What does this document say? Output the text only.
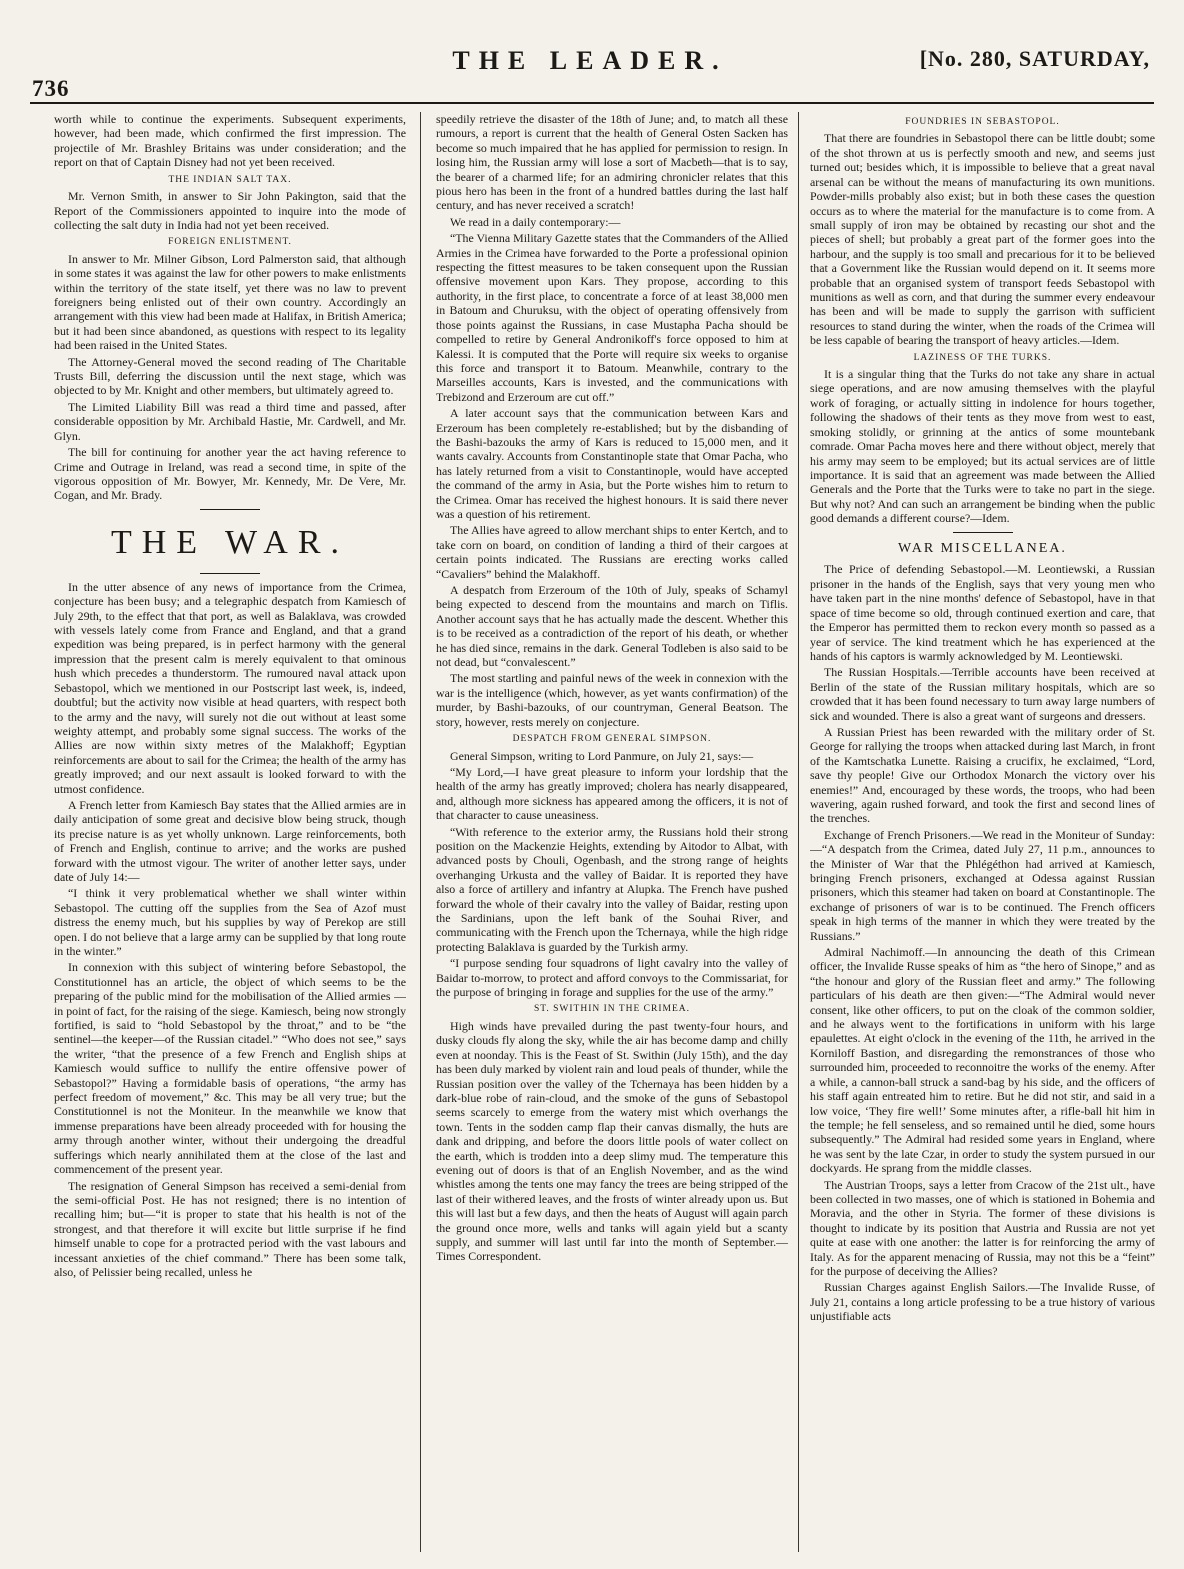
736
THE LEADER.	[No. 280, SATURDAY,

worth while to continue the experiments. Subsequent experiments, however, had been made, which confirmed the first impression. The projectile of Mr. Brashley Britains was under consideration; and the report on that of Captain Disney had not yet been received.

THE INDIAN SALT TAX.

Mr. Vernon Smith, in answer to Sir John Pakington, said that the Report of the Commissioners appointed to inquire into the mode of collecting the salt duty in India had not yet been received.

FOREIGN ENLISTMENT.

In answer to Mr. Milner Gibson, Lord Palmerston said, that although in some states it was against the law for other powers to make enlistments within the territory of the state itself, yet there was no law to prevent foreigners being enlisted out of their own country. Accordingly an arrangement with this view had been made at Halifax, in British America; but it had been since abandoned, as questions with respect to its legality had been raised in the United States.

The Attorney-General moved the second reading of The Charitable Trusts Bill, deferring the discussion until the next stage, which was objected to by Mr. Knight and other members, but ultimately agreed to.

The Limited Liability Bill was read a third time and passed, after considerable opposition by Mr. Archibald Hastie, Mr. Cardwell, and Mr. Glyn.

The bill for continuing for another year the act having reference to Crime and Outrage in Ireland, was read a second time, in spite of the vigorous opposition of Mr. Bowyer, Mr. Kennedy, Mr. De Vere, Mr. Cogan, and Mr. Brady.

THE WAR.

In the utter absence of any news of importance from the Crimea, conjecture has been busy; and a telegraphic despatch from Kamiesch of July 29th, to the effect that that port, as well as Balaklava, was crowded with vessels lately come from France and England, and that a grand expedition was being prepared, is in perfect harmony with the general impression that the present calm is merely equivalent to that ominous hush which precedes a thunderstorm. The rumoured naval attack upon Sebastopol, which we mentioned in our Postscript last week, is, indeed, doubtful; but the activity now visible at head quarters, with respect both to the army and the navy, will surely not die out without at least some weighty attempt, and probably some signal success. The works of the Allies are now within sixty metres of the Malakhoff; Egyptian reinforcements are about to sail for the Crimea; the health of the army has greatly improved; and our next assault is looked forward to with the utmost confidence.

A French letter from Kamiesch Bay states that the Allied armies are in daily anticipation of some great and decisive blow being struck, though its precise nature is as yet wholly unknown. Large reinforcements, both of French and English, continue to arrive; and the works are pushed forward with the utmost vigour. The writer of another letter says, under date of July 14:—

“I think it very problematical whether we shall winter within Sebastopol. The cutting off the supplies from the Sea of Azof must distress the enemy much, but his supplies by way of Perekop are still open. I do not believe that a large army can be supplied by that long route in the winter.”

In connexion with this subject of wintering before Sebastopol, the Constitutionnel has an article, the object of which seems to be the preparing of the public mind for the mobilisation of the Allied armies —in point of fact, for the raising of the siege. Kamiesch, being now strongly fortified, is said to “hold Sebastopol by the throat,” and to be “the sentinel—the keeper—of the Russian citadel.” “Who does not see,” says the writer, “that the presence of a few French and English ships at Kamiesch would suffice to nullify the entire offensive power of Sebastopol?” Having a formidable basis of operations, “the army has perfect freedom of movement,” &c. This may be all very true; but the Constitutionnel is not the Moniteur. In the meanwhile we know that immense preparations have been already proceeded with for housing the army through another winter, without their undergoing the dreadful sufferings which nearly annihilated them at the close of the last and commencement of the present year.

The resignation of General Simpson has received a semi-denial from the semi-official Post. He has not resigned; there is no intention of recalling him; but—“it is proper to state that his health is not of the strongest, and that therefore it will excite but little surprise if he find himself unable to cope for a protracted period with the vast labours and incessant anxieties of the chief command.” There has been some talk, also, of Pelissier being recalled, unless he

speedily retrieve the disaster of the 18th of June; and, to match all these rumours, a report is current that the health of General Osten Sacken has become so much impaired that he has applied for permission to resign. In losing him, the Russian army will lose a sort of Macbeth—that is to say, the bearer of a charmed life; for an admiring chronicler relates that this pious hero has been in the front of a hundred battles during the last half century, and has never received a scratch!

We read in a daily contemporary:—

“The Vienna Military Gazette states that the Commanders of the Allied Armies in the Crimea have forwarded to the Porte a professional opinion respecting the fittest measures to be taken consequent upon the Russian offensive movement upon Kars. They propose, according to this authority, in the first place, to concentrate a force of at least 38,000 men in Batoum and Churuksu, with the object of operating offensively from those points against the Russians, in case Mustapha Pacha should be compelled to retire by General Andronikoff's force opposed to him at Kalessi. It is computed that the Porte will require six weeks to organise this force and transport it to Batoum. Meanwhile, contrary to the Marseilles accounts, Kars is invested, and the communications with Trebizond and Erzeroum are cut off.”

A later account says that the communication between Kars and Erzeroum has been completely re-established; but by the disbanding of the Bashi-bazouks the army of Kars is reduced to 15,000 men, and it wants cavalry. Accounts from Constantinople state that Omar Pacha, who has lately returned from a visit to Constantinople, would have accepted the command of the army in Asia, but the Porte wishes him to return to the Crimea. Omar has received the highest honours. It is said there never was a question of his retirement.

The Allies have agreed to allow merchant ships to enter Kertch, and to take corn on board, on condition of landing a third of their cargoes at certain points indicated. The Russians are erecting works called “Cavaliers” behind the Malakhoff.

A despatch from Erzeroum of the 10th of July, speaks of Schamyl being expected to descend from the mountains and march on Tiflis. Another account says that he has actually made the descent. Whether this is to be received as a contradiction of the report of his death, or whether he has died since, remains in the dark. General Todleben is also said to be not dead, but “convalescent.”

The most startling and painful news of the week in connexion with the war is the intelligence (which, however, as yet wants confirmation) of the murder, by Bashi-bazouks, of our countryman, General Beatson. The story, however, rests merely on conjecture.

DESPATCH FROM GENERAL SIMPSON.

General Simpson, writing to Lord Panmure, on July 21, says:—

“My Lord,—I have great pleasure to inform your lordship that the health of the army has greatly improved; cholera has nearly disappeared, and, although more sickness has appeared among the officers, it is not of that character to cause uneasiness.

“With reference to the exterior army, the Russians hold their strong position on the Mackenzie Heights, extending by Aitodor to Albat, with advanced posts by Chouli, Ogenbash, and the strong range of heights overhanging Urkusta and the valley of Baidar. It is reported they have also a force of artillery and infantry at Alupka. The French have pushed forward the whole of their cavalry into the valley of Baidar, resting upon the Sardinians, upon the left bank of the Souhai River, and communicating with the French upon the Tchernaya, while the high ridge protecting Balaklava is guarded by the Turkish army.

“I purpose sending four squadrons of light cavalry into the valley of Baidar to-morrow, to protect and afford convoys to the Commissariat, for the purpose of bringing in forage and supplies for the use of the army.”

ST. SWITHIN IN THE CRIMEA.

High winds have prevailed during the past twenty-four hours, and dusky clouds fly along the sky, while the air has become damp and chilly even at noonday. This is the Feast of St. Swithin (July 15th), and the day has been duly marked by violent rain and loud peals of thunder, while the Russian position over the valley of the Tchernaya has been hidden by a dark-blue robe of rain-cloud, and the smoke of the guns of Sebastopol seems scarcely to emerge from the watery mist which overhangs the town. Tents in the sodden camp flap their canvas dismally, the huts are dank and dripping, and before the doors little pools of water collect on the earth, which is trodden into a deep slimy mud. The temperature this evening out of doors is that of an English November, and as the wind whistles among the tents one may fancy the trees are being stripped of the last of their withered leaves, and the frosts of winter already upon us. But this will last but a few days, and then the heats of August will again parch the ground once more, wells and tanks will again yield but a scanty supply, and summer will last until far into the month of September.—Times Correspondent.

FOUNDRIES IN SEBASTOPOL.

That there are foundries in Sebastopol there can be little doubt; some of the shot thrown at us is perfectly smooth and new, and seems just turned out; besides which, it is impossible to believe that a great naval arsenal can be without the means of manufacturing its own munitions. Powder-mills probably also exist; but in both these cases the question occurs as to where the material for the manufacture is to come from. A small supply of iron may be obtained by recasting our shot and the pieces of shell; but probably a great part of the former goes into the harbour, and the supply is too small and precarious for it to be believed that a Government like the Russian would depend on it. It seems more probable that an organised system of transport feeds Sebastopol with munitions as well as corn, and that during the summer every endeavour has been and will be made to supply the garrison with sufficient resources to stand during the winter, when the roads of the Crimea will be less capable of bearing the transport of heavy articles.—Idem.

LAZINESS OF THE TURKS.

It is a singular thing that the Turks do not take any share in actual siege operations, and are now amusing themselves with the playful work of foraging, or actually sitting in indolence for hours together, following the shadows of their tents as they move from west to east, smoking stolidly, or grinning at the antics of some mountebank comrade. Omar Pacha moves here and there without object, merely that his army may seem to be employed; but its actual services are of little importance. It is said that an agreement was made between the Allied Generals and the Porte that the Turks were to take no part in the siege. But why not? And can such an arrangement be binding when the public good demands a different course?—Idem.

WAR MISCELLANEA.

The Price of defending Sebastopol.—M. Leontiewski, a Russian prisoner in the hands of the English, says that very young men who have taken part in the nine months' defence of Sebastopol, have in that space of time become so old, through continued exertion and care, that the Emperor has permitted them to reckon every month so passed as a year of service. The kind treatment which he has experienced at the hands of his captors is warmly acknowledged by M. Leontiewski.

The Russian Hospitals.—Terrible accounts have been received at Berlin of the state of the Russian military hospitals, which are so crowded that it has been found necessary to turn away large numbers of sick and wounded. There is also a great want of surgeons and dressers.

A Russian Priest has been rewarded with the military order of St. George for rallying the troops when attacked during last March, in front of the Kamtschatka Lunette. Raising a crucifix, he exclaimed, “Lord, save thy people! Give our Orthodox Monarch the victory over his enemies!” And, encouraged by these words, the troops, who had been wavering, again rushed forward, and took the first and second lines of the trenches.

Exchange of French Prisoners.—We read in the Moniteur of Sunday:—“A despatch from the Crimea, dated July 27, 11 p.m., announces to the Minister of War that the Phlégéthon had arrived at Kamiesch, bringing French prisoners, exchanged at Odessa against Russian prisoners, which this steamer had taken on board at Constantinople. The exchange of prisoners of war is to be continued. The French officers speak in high terms of the manner in which they were treated by the Russians.”

Admiral Nachimoff.—In announcing the death of this Crimean officer, the Invalide Russe speaks of him as “the hero of Sinope,” and as “the honour and glory of the Russian fleet and army.” The following particulars of his death are then given:—“The Admiral would never consent, like other officers, to put on the cloak of the common soldier, and he always went to the fortifications in uniform with his large epaulettes. At eight o'clock in the evening of the 11th, he arrived in the Korniloff Bastion, and disregarding the remonstrances of those who surrounded him, proceeded to reconnoitre the works of the enemy. After a while, a cannon-ball struck a sand-bag by his side, and the officers of his staff again entreated him to retire. But he did not stir, and said in a low voice, ‘They fire well!’ Some minutes after, a rifle-ball hit him in the temple; he fell senseless, and so remained until he died, some hours subsequently.” The Admiral had resided some years in England, where he was sent by the late Czar, in order to study the system pursued in our dockyards. He sprang from the middle classes.

The Austrian Troops, says a letter from Cracow of the 21st ult., have been collected in two masses, one of which is stationed in Bohemia and Moravia, and the other in Styria. The former of these divisions is thought to indicate by its position that Austria and Russia are not yet quite at ease with one another: the latter is for reinforcing the army of Italy. As for the apparent menacing of Russia, may not this be a “feint” for the purpose of deceiving the Allies?

Russian Charges against English Sailors.—The Invalide Russe, of July 21, contains a long article professing to be a true history of various unjustifiable acts
